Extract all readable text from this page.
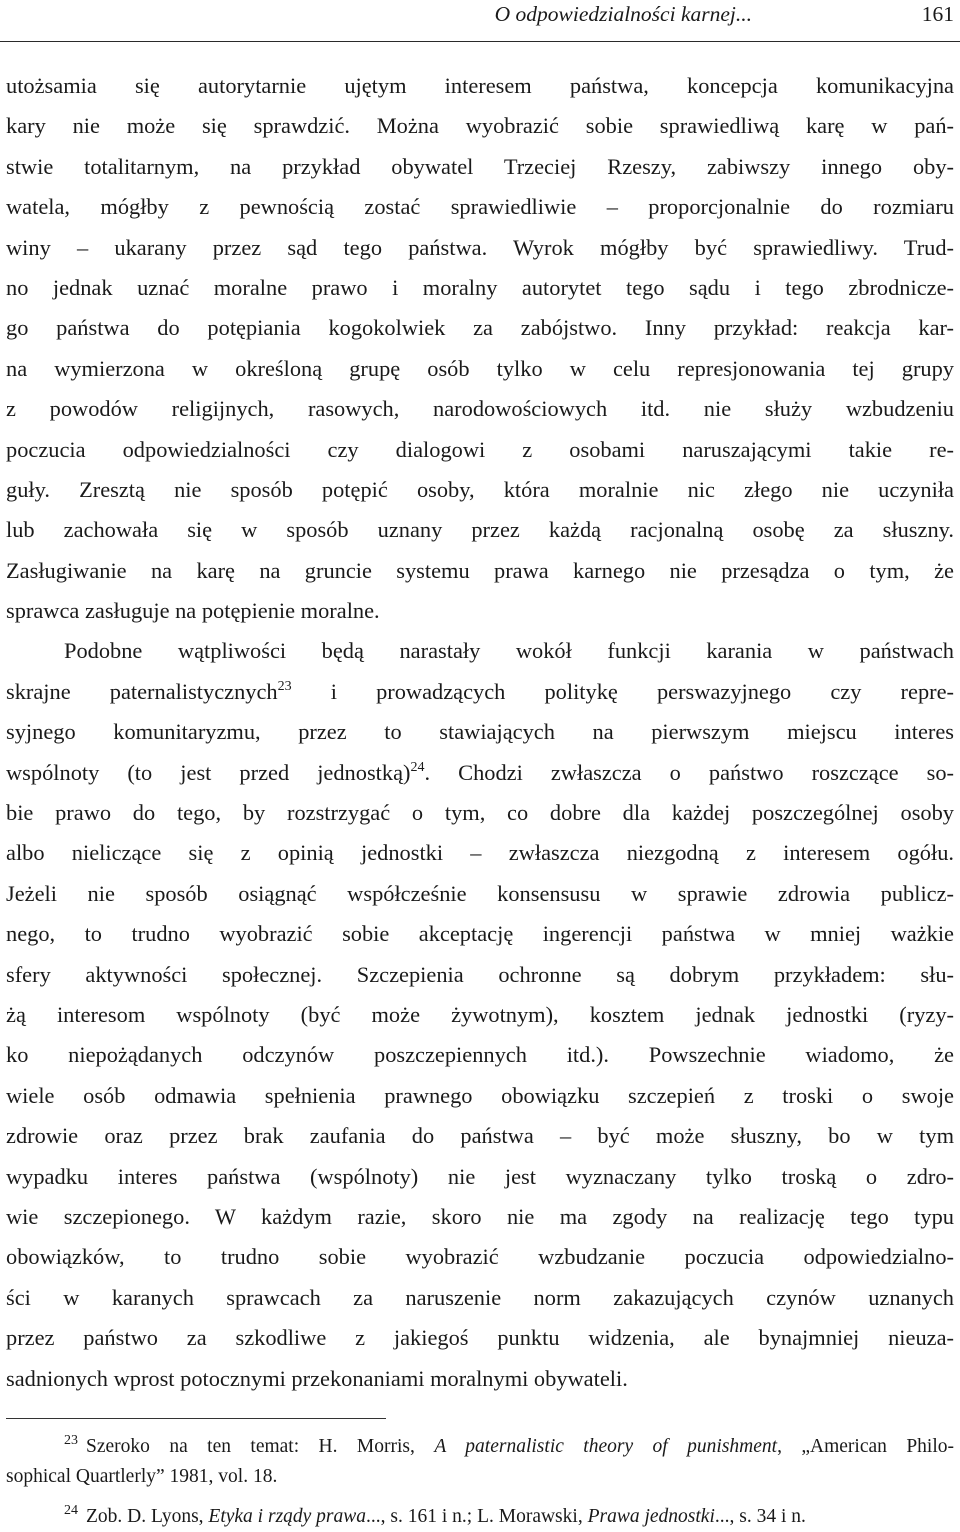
O odpowiedzialności karnej...	161
utożsamia się autorytarnie ujętym interesem państwa, koncepcja komunikacyjna
kary nie może się sprawdzić. Można wyobrazić sobie sprawiedliwą karę w pań-
stwie totalitarnym, na przykład obywatel Trzeciej Rzeszy, zabiwszy innego oby-
watela, mógłby z pewnością zostać sprawiedliwie – proporcjonalnie do rozmiaru
winy – ukarany przez sąd tego państwa. Wyrok mógłby być sprawiedliwy. Trud-
no jednak uznać moralne prawo i moralny autorytet tego sądu i tego zbrodnicze-
go państwa do potępiania kogokolwiek za zabójstwo. Inny przykład: reakcja kar-
na wymierzona w określoną grupę osób tylko w celu represjonowania tej grupy
z powodów religijnych, rasowych, narodowościowych itd. nie służy wzbudzeniu
poczucia odpowiedzialności czy dialogowi z osobami naruszającymi takie re-
guły. Zresztą nie sposób potępić osoby, która moralnie nic złego nie uczyniła
lub zachowała się w sposób uznany przez każdą racjonalną osobę za słuszny.
Zasługiwanie na karę na gruncie systemu prawa karnego nie przesądza o tym, że
sprawca zasługuje na potępienie moralne.
Podobne wątpliwości będą narastały wokół funkcji karania w państwach
skrajne paternalistycznych$^{23}$ i prowadzących politykę perswazyjnego czy repre-
syjnego komunitaryzmu, przez to stawiających na pierwszym miejscu interes
wspólnoty (to jest przed jednostką)$^{24}$. Chodzi zwłaszcza o państwo roszczące so-
bie prawo do tego, by rozstrzygać o tym, co dobre dla każdej poszczególnej osoby
albo nieliczące się z opinią jednostki – zwłaszcza niezgodną z interesem ogółu.
Jeżeli nie sposób osiągnąć współcześnie konsensusu w sprawie zdrowia publicz-
nego, to trudno wyobrazić sobie akceptację ingerencji państwa w mniej ważkie
sfery aktywności społecznej. Szczepienia ochronne są dobrym przykładem: słu-
żą interesom wspólnoty (być może żywotnym), kosztem jednak jednostki (ryzy-
ko niepożądanych odczynów poszczepiennych itd.). Powszechnie wiadomo, że
wiele osób odmawia spełnienia prawnego obowiązku szczepień z troski o swoje
zdrowie oraz przez brak zaufania do państwa – być może słuszny, bo w tym
wypadku interes państwa (wspólnoty) nie jest wyznaczany tylko troską o zdro-
wie szczepionego. W każdym razie, skoro nie ma zgody na realizację tego typu
obowiązków, to trudno sobie wyobrazić wzbudzanie poczucia odpowiedzialno-
ści w karanych sprawcach za naruszenie norm zakazujących czynów uznanych
przez państwo za szkodliwe z jakiegoś punktu widzenia, ale bynajmniej nieuza-
sadnionych wprost potocznymi przekonaniami moralnymi obywateli.
$^{23}$ Szeroko na ten temat: H. Morris, A paternalistic theory of punishment, „American Philo-
sophical Quartlerly” 1981, vol. 18.
$^{24}$ Zob. D. Lyons, Etyka i rządy prawa..., s. 161 i n.; L. Morawski, Prawa jednostki..., s. 34 i n.
